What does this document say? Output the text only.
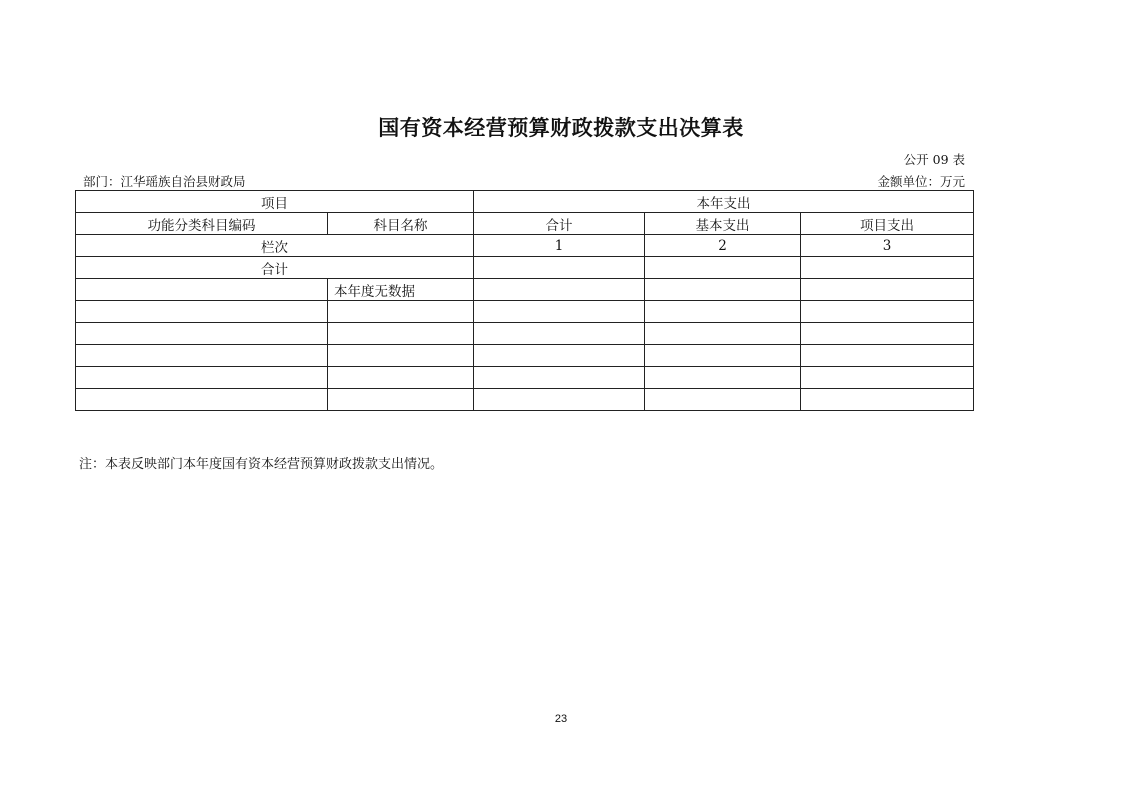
国有资本经营预算财政拨款支出决算表
公开 09 表
部门：江华瑶族自治县财政局	金额单位：万元
项目		本年支出		
功能分类科目编码	科目名称	合计	基本支出	项目支出
栏次		1	2	3
合计				
	本年度无数据			

注：本表反映部门本年度国有资本经营预算财政拨款支出情况。
23
